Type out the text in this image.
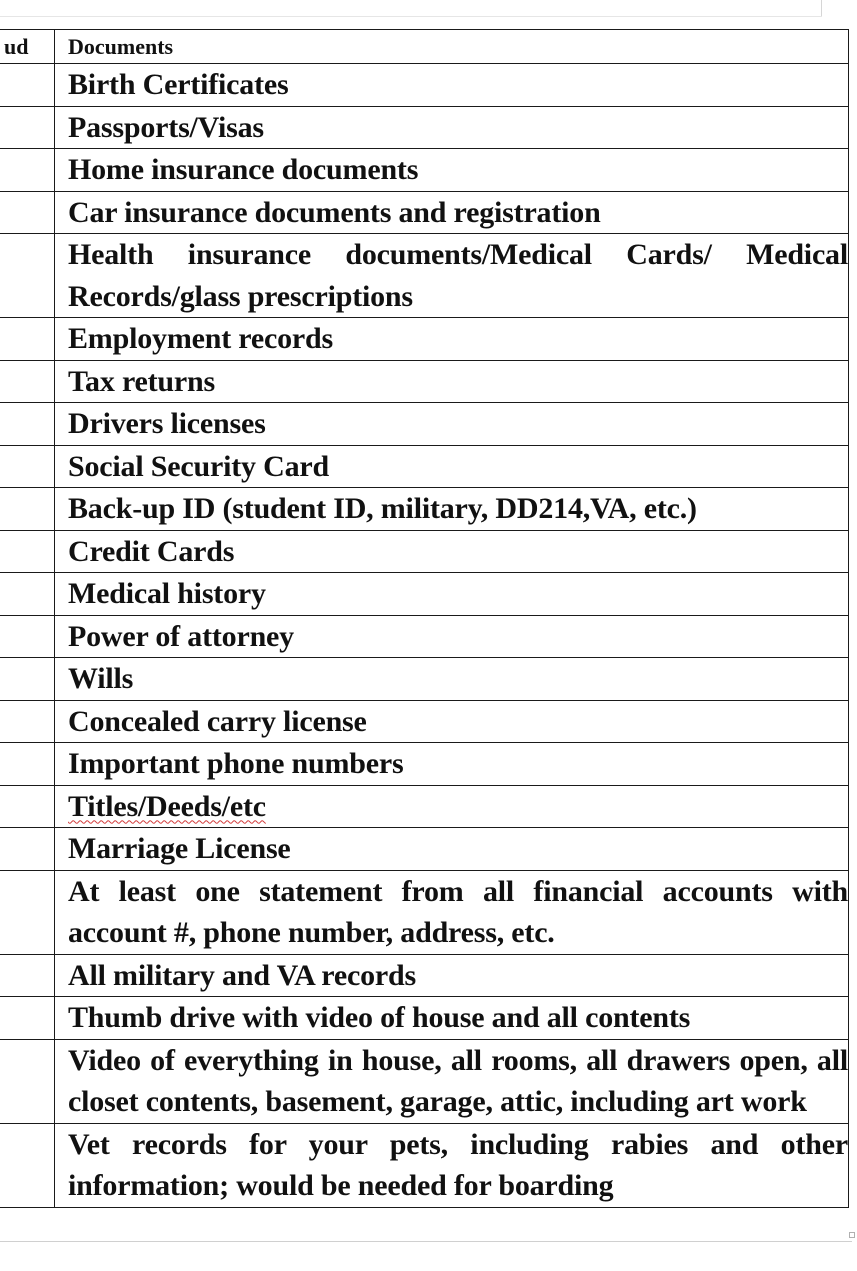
ud	Documents
	Birth Certificates
	Passports/Visas
	Home insurance documents
	Car insurance documents and registration
	Health insurance documents/Medical Cards/ Medical Records/glass prescriptions
	Employment records
	Tax returns
	Drivers licenses
	Social Security Card
	Back-up ID (student ID, military, DD214,VA, etc.)
	Credit Cards
	Medical history
	Power of attorney
	Wills
	Concealed carry license
	Important phone numbers
	Titles/Deeds/etc
	Marriage License
	At least one statement from all financial accounts with account #, phone number, address, etc.
	All military and VA records
	Thumb drive with video of house and all contents
	Video of everything in house, all rooms, all drawers open, all closet contents, basement, garage, attic, including art work
	Vet records for your pets, including rabies and other information; would be needed for boarding
